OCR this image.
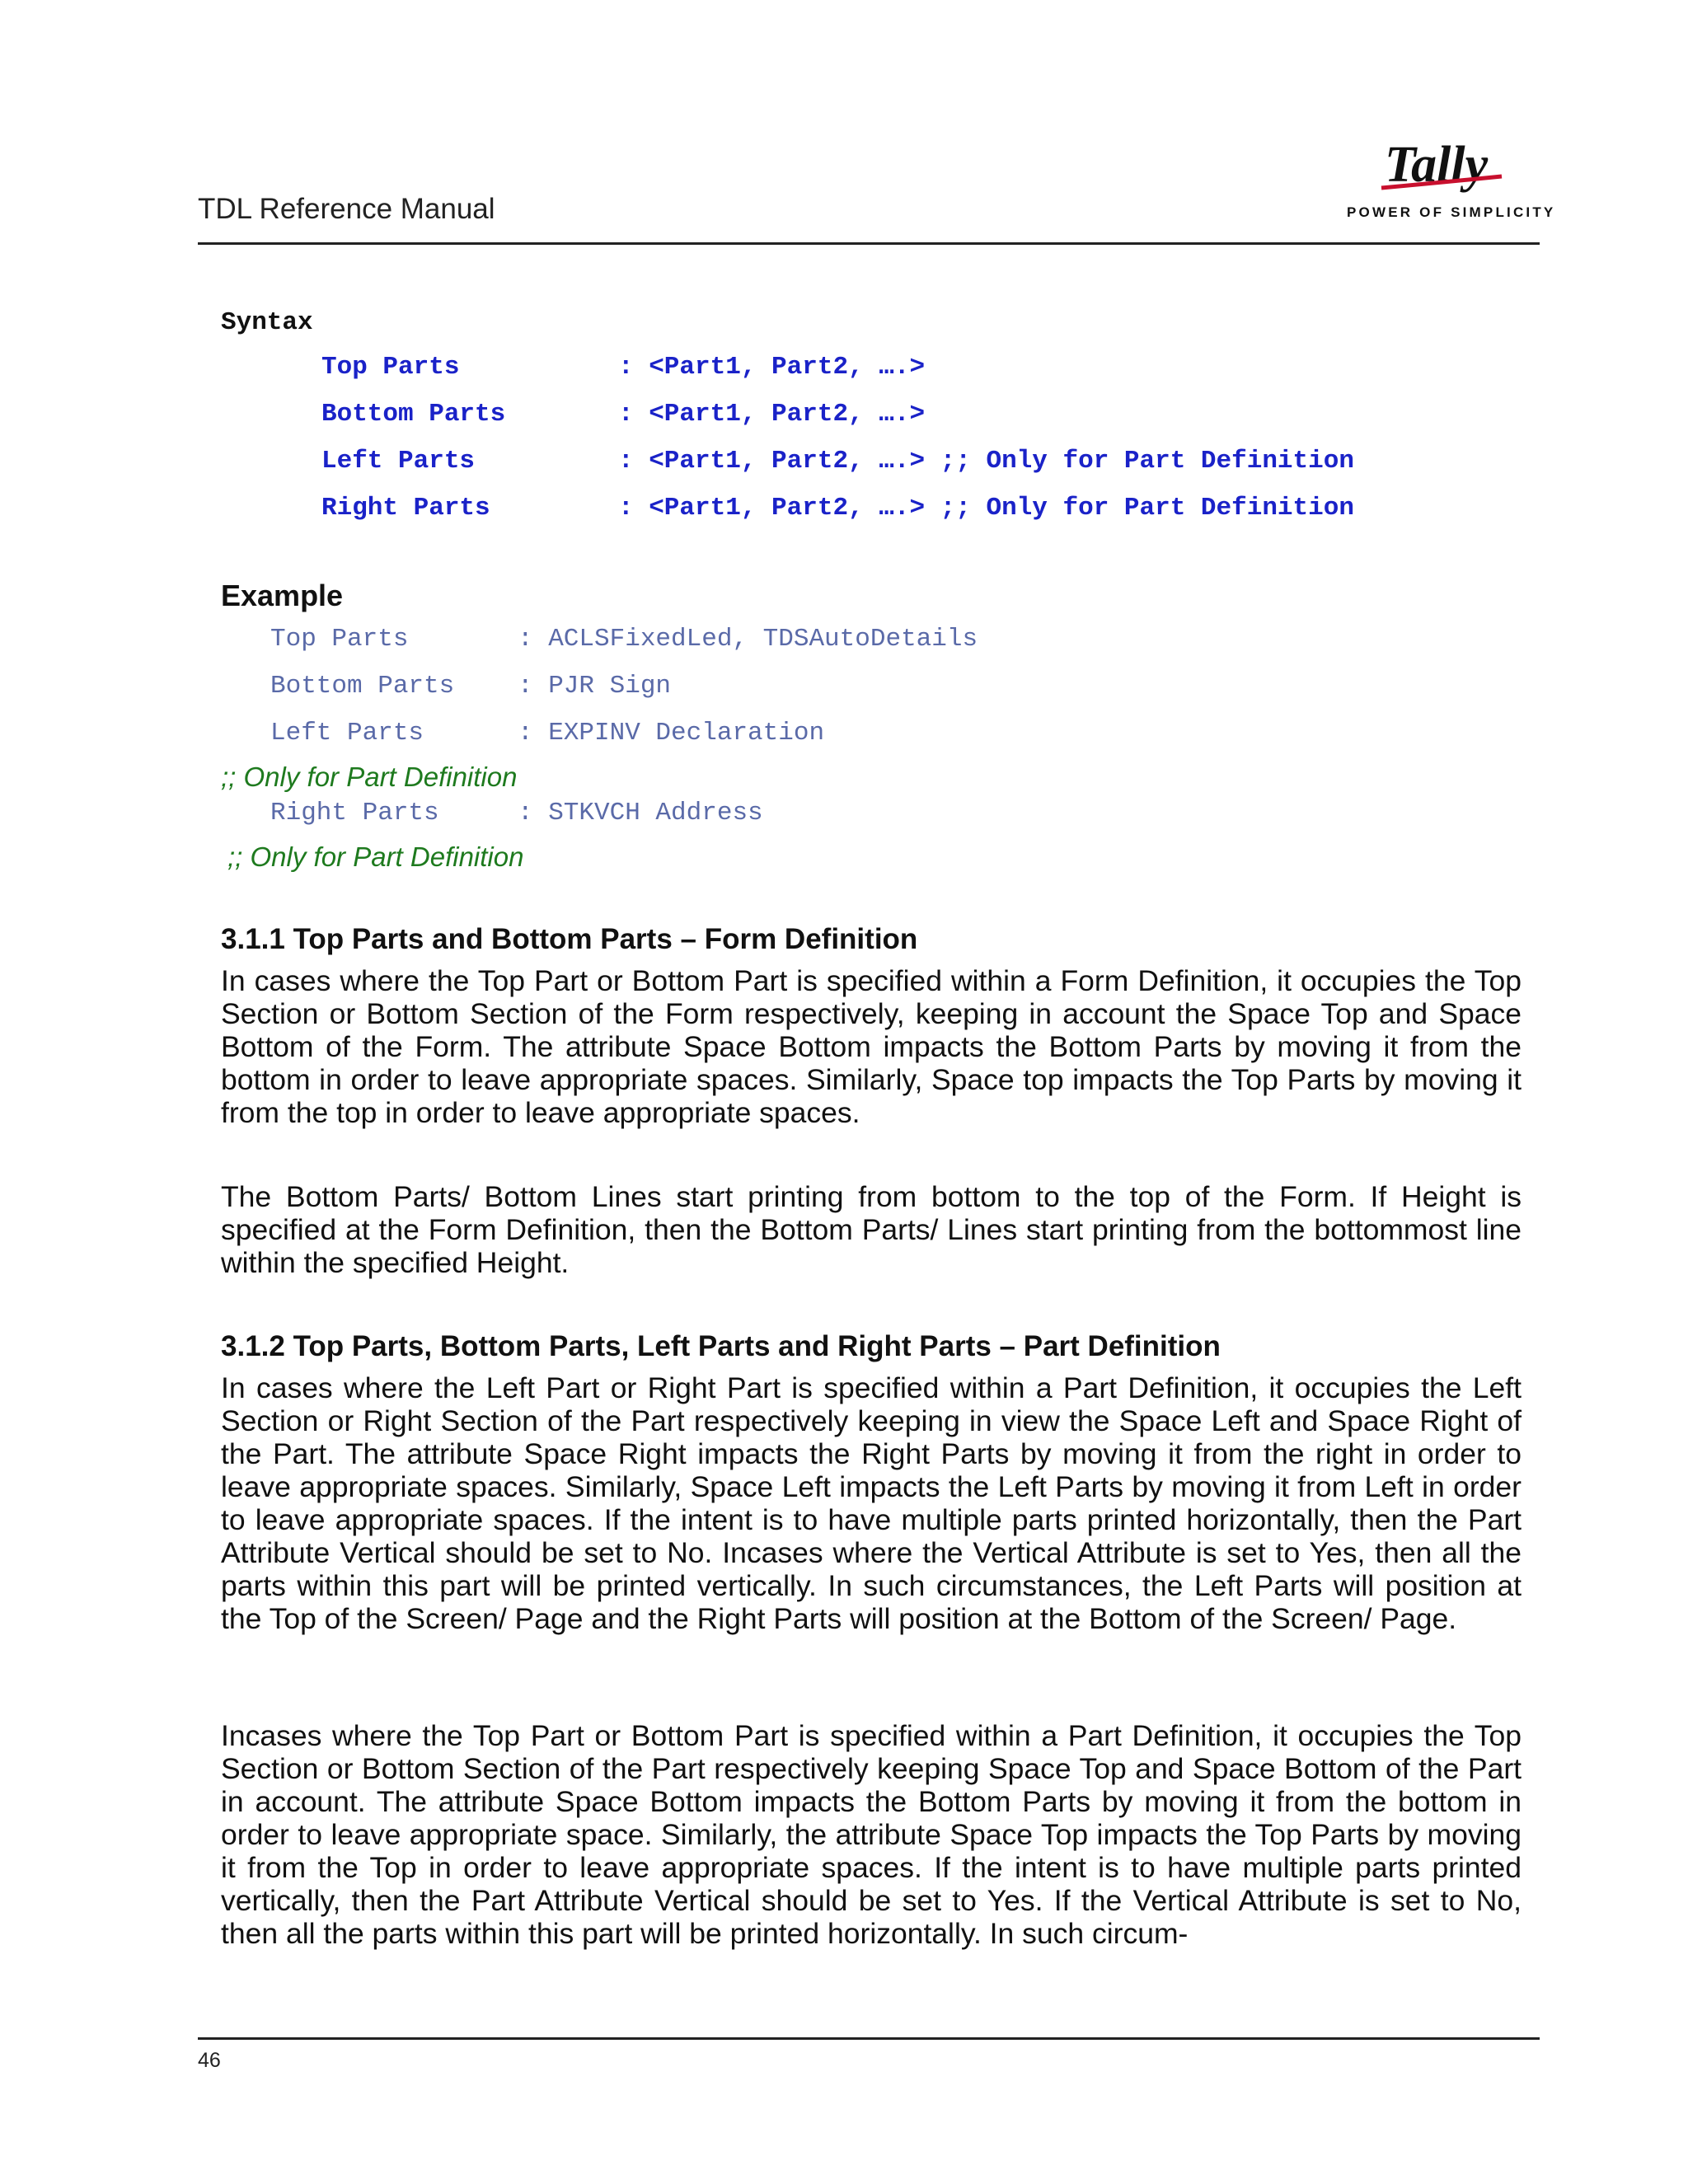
TDL Reference Manual
Tally
POWER OF SIMPLICITY
Syntax

Top Parts

	: <Part1, Part2, ….>

Bottom Parts

	: <Part1, Part2, ….>

Left Parts

	: <Part1, Part2, ….> ;; Only for Part Definition

Right Parts

	: <Part1, Part2, ….> ;; Only for Part Definition

Example

Top Parts

	: ACLSFixedLed, TDSAutoDetails

Bottom Parts

: PJR Sign

Left Parts

	: EXPINV Declaration

;; Only for Part Definition

Right Parts

	: STKVCH Address

;; Only for Part Definition
3.1.1 Top Parts and Bottom Parts – Form Definition

In cases where the Top Part or Bottom Part is specified within a Form Definition, it occupies the Top Section or Bottom Section of the Form respectively, keeping in account the Space Top and Space Bottom of the Form. The attribute Space Bottom impacts the Bottom Parts by moving it from the bottom in order to leave appropriate spaces. Similarly, Space top impacts the Top Parts by moving it from the top in order to leave appropriate spaces.

The Bottom Parts/ Bottom Lines start printing from bottom to the top of the Form. If Height is specified at the Form Definition, then the Bottom Parts/ Lines start printing from the bottommost line within the specified Height.

3.1.2 Top Parts, Bottom Parts, Left Parts and Right Parts – Part Definition

In cases where the Left Part or Right Part is specified within a Part Definition, it occupies the Left Section or Right Section of the Part respectively keeping in view the Space Left and Space Right of the Part. The attribute Space Right impacts the Right Parts by moving it from the right in order to leave appropriate spaces. Similarly, Space Left impacts the Left Parts by moving it from Left in order to leave appropriate spaces. If the intent is to have multiple parts printed horizontally, then the Part Attribute Vertical should be set to No. Incases where the Vertical Attribute is set to Yes, then all the parts within this part will be printed vertically. In such circumstances, the Left Parts will position at the Top of the Screen/ Page and the Right Parts will position at the Bottom of the Screen/ Page.

Incases where the Top Part or Bottom Part is specified within a Part Definition, it occupies the Top Section or Bottom Section of the Part respectively keeping Space Top and Space Bottom of the Part in account. The attribute Space Bottom impacts the Bottom Parts by moving it from the bottom in order to leave appropriate space. Similarly, the attribute Space Top impacts the Top Parts by moving it from the Top in order to leave appropriate spaces. If the intent is to have multiple parts printed vertically, then the Part Attribute Vertical should be set to Yes. If the Vertical Attribute is set to No, then all the parts within this part will be printed horizontally. In such circum-

46
